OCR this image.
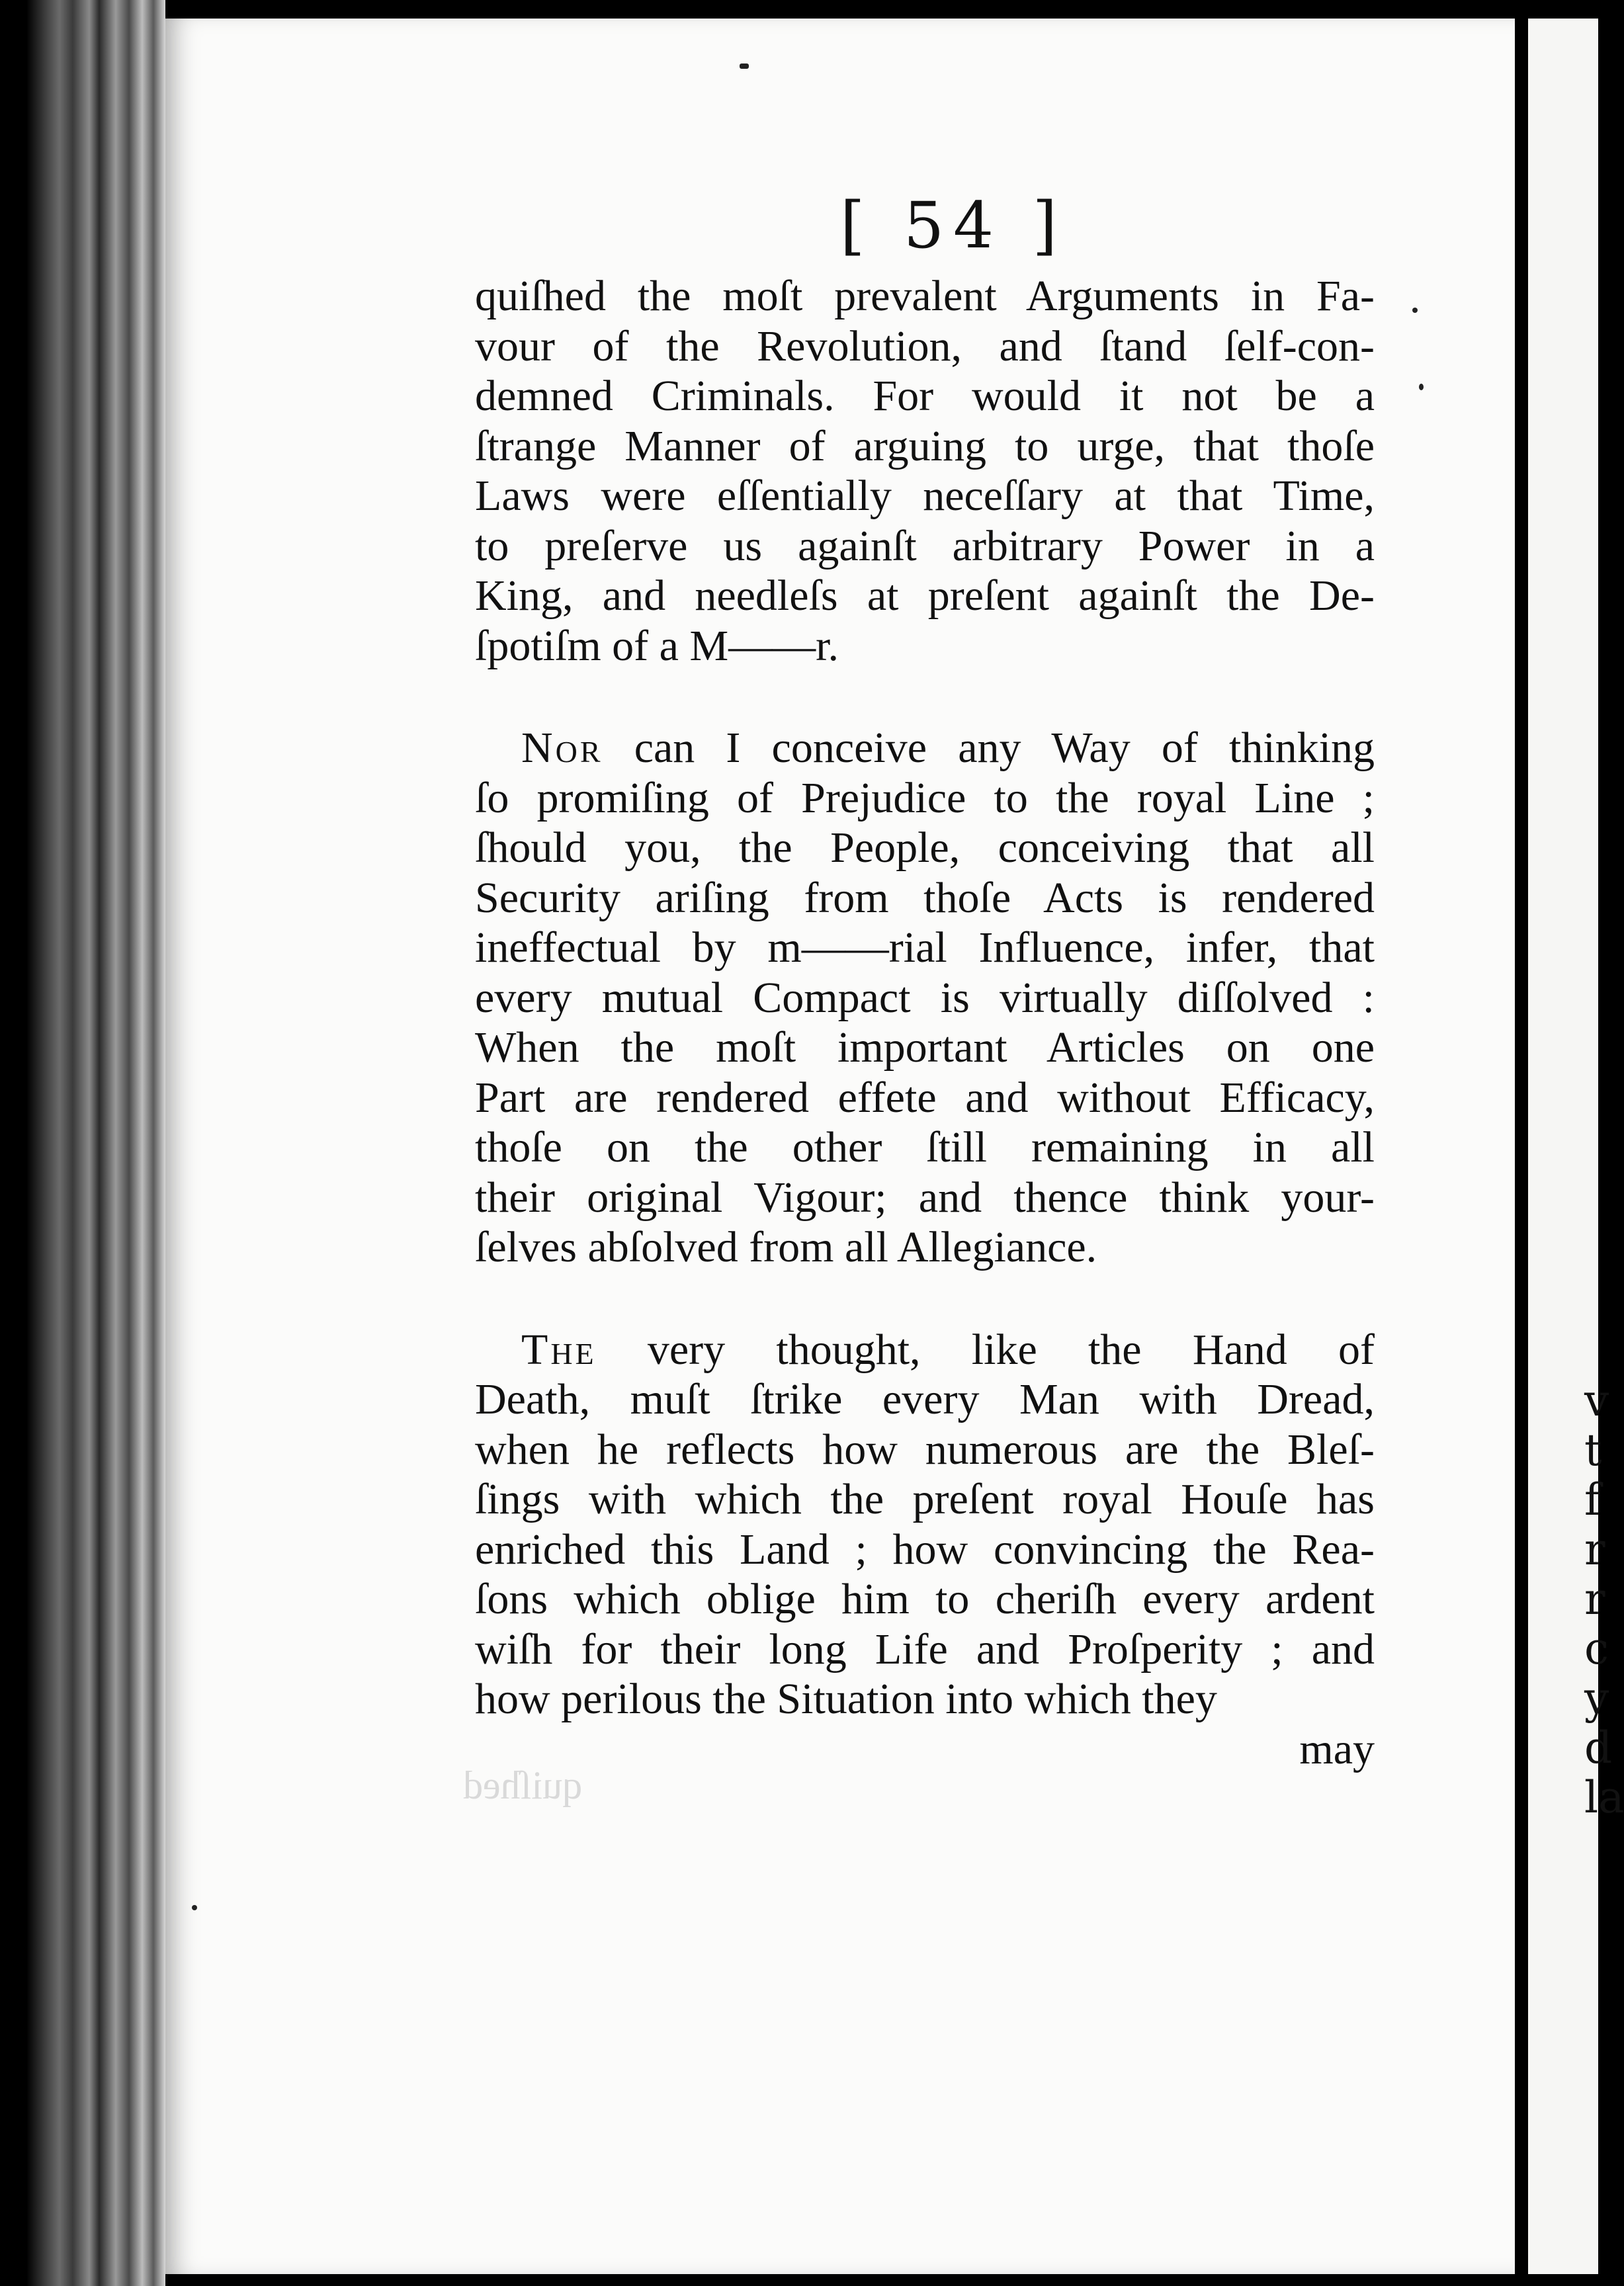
v
t
f
r
r
c
y
d
la
[ 54 ]
quiſhed
quiſhed the moſt prevalent Arguments in Fa-
vour of the Revolution, and ſtand ſelf-con-
demned Criminals. For would it not be a
ſtrange Manner of arguing to urge, that thoſe
Laws were eſſentially neceſſary at that Time,
to preſerve us againſt arbitrary Power in a
King, and needleſs at preſent againſt the De-
ſpotiſm of a M——r.
Nor can I conceive any Way of thinking
ſo promiſing of Prejudice to the royal Line ;
ſhould you, the People, conceiving that all
Security ariſing from thoſe Acts is rendered
ineffectual by m——rial Influence, infer, that
every mutual Compact is virtually diſſolved :
When the moſt important Articles on one
Part are rendered effete and without Efficacy,
thoſe on the other ſtill remaining in all
their original Vigour; and thence think your-
ſelves abſolved from all Allegiance.
The very thought, like the Hand of
Death, muſt ſtrike every Man with Dread,
when he reflects how numerous are the Bleſ-
ſings with which the preſent royal Houſe has
enriched this Land ; how convincing the Rea-
ſons which oblige him to cheriſh every ardent
wiſh for their long Life and Proſperity ; and
how perilous the Situation into which they
may
